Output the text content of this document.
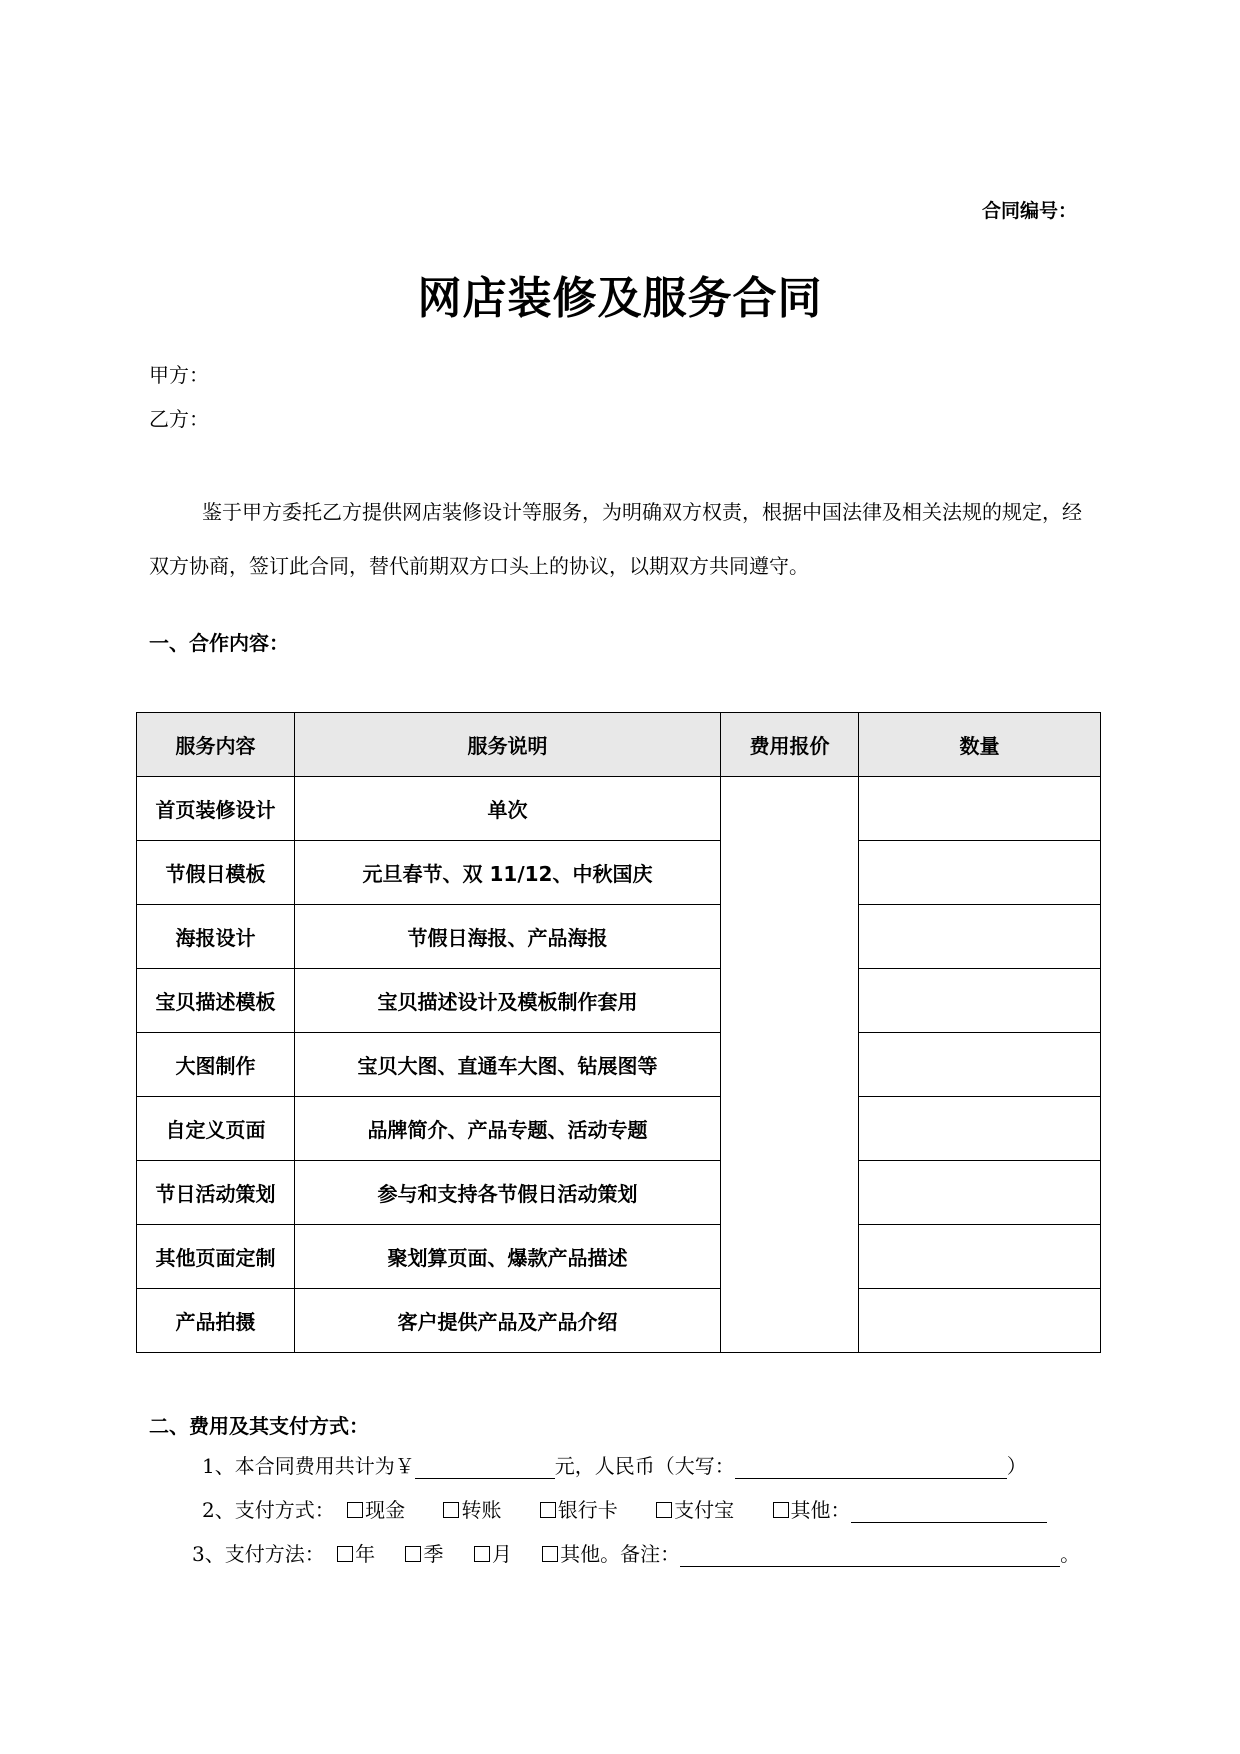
合同编号：
网店装修及服务合同
甲方：
乙方：
鉴于甲方委托乙方提供网店装修设计等服务，为明确双方权责，根据中国法律及相关法规的规定，经双方协商，签订此合同，替代前期双方口头上的协议，以期双方共同遵守。
一、合作内容：
服务内容	服务说明	费用报价	数量
首页装修设计	单次		
节假日模板	元旦春节、双 11/12、中秋国庆		
海报设计	节假日海报、产品海报		
宝贝描述模板	宝贝描述设计及模板制作套用		
大图制作	宝贝大图、直通车大图、钻展图等		
自定义页面	品牌简介、产品专题、活动专题		
节日活动策划	参与和支持各节假日活动策划		
其他页面定制	聚划算页面、爆款产品描述		
产品拍摄	客户提供产品及产品介绍		
二、费用及其支付方式：
1、本合同费用共计为￥	元，人民币（大写：	）
2、支付方式： 现金	转账	银行卡	支付宝	其他：
3、支付方法： 年 季 月 其他。备注：	。
